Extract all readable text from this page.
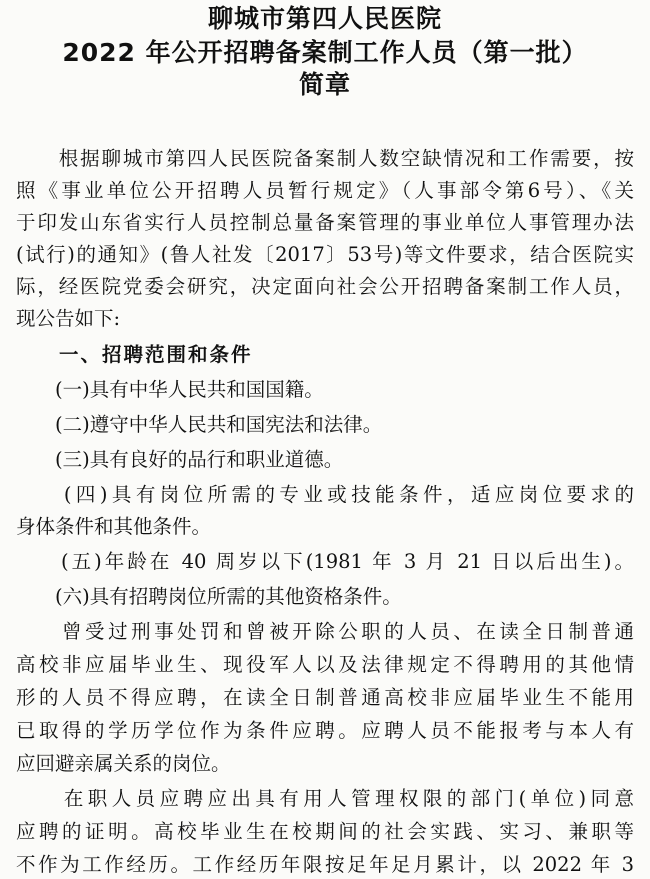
聊城市第四人民医院
2022 年公开招聘备案制工作人员（第一批）
简章
　　根据聊城市第四人民医院备案制人数空缺情况和工作需要，按
照《事业单位公开招聘人员暂行规定》（人事部令第6号）、《关
于印发山东省实行人员控制总量备案管理的事业单位人事管理办法
(试行)的通知》(鲁人社发〔2017〕53号)等文件要求，结合医院实
际，经医院党委会研究，决定面向社会公开招聘备案制工作人员，
现公告如下:
　　一、招聘范围和条件
　　(一)具有中华人民共和国国籍。
　　(二)遵守中华人民共和国宪法和法律。
　　(三)具有良好的品行和职业道德。
　　(四)具有岗位所需的专业或技能条件，适应岗位要求的
身体条件和其他条件。
　　(五)年龄在 40 周岁以下(1981 年 3 月 21 日以后出生)。
　　(六)具有招聘岗位所需的其他资格条件。
　　曾受过刑事处罚和曾被开除公职的人员、在读全日制普通
高校非应届毕业生、现役军人以及法律规定不得聘用的其他情
形的人员不得应聘，在读全日制普通高校非应届毕业生不能用
已取得的学历学位作为条件应聘。应聘人员不能报考与本人有
应回避亲属关系的岗位。
　　在职人员应聘应出具有用人管理权限的部门(单位)同意
应聘的证明。高校毕业生在校期间的社会实践、实习、兼职等
不作为工作经历。工作经历年限按足年足月累计，以 2022 年 3
